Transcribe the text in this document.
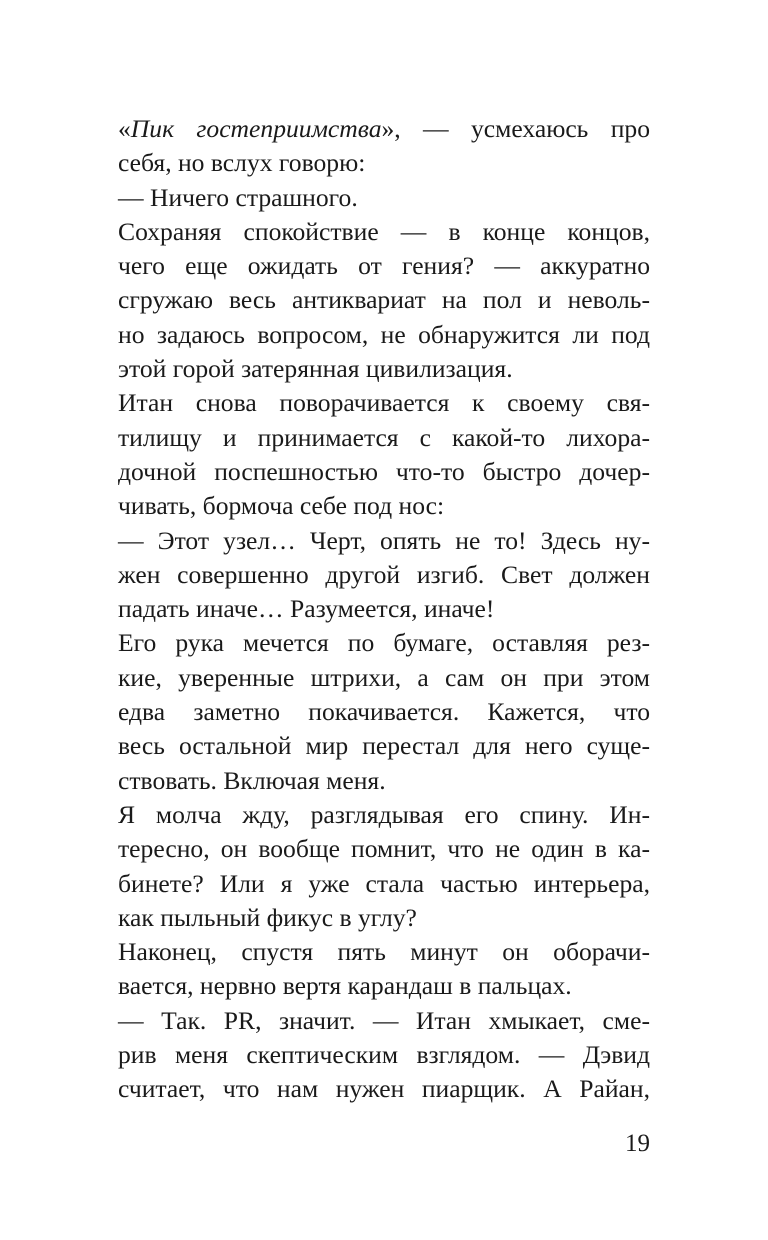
«Пик гостеприимства», — усмехаюсь про
себя, но вслух говорю:
— Ничего страшного.
Сохраняя спокойствие — в конце концов,
чего еще ожидать от гения? — аккуратно
сгружаю весь антиквариат на пол и неволь-
но задаюсь вопросом, не обнаружится ли под
этой горой затерянная цивилизация.
Итан снова поворачивается к своему свя-
тилищу и принимается с какой-то лихора-
дочной поспешностью что-то быстро дочер-
чивать, бормоча себе под нос:
— Этот узел… Черт, опять не то! Здесь ну-
жен совершенно другой изгиб. Свет должен
падать иначе… Разумеется, иначе!
Его рука мечется по бумаге, оставляя рез-
кие, уверенные штрихи, а сам он при этом
едва заметно покачивается. Кажется, что
весь остальной мир перестал для него суще-
ствовать. Включая меня.
Я молча жду, разглядывая его спину. Ин-
тересно, он вообще помнит, что не один в ка-
бинете? Или я уже стала частью интерьера,
как пыльный фикус в углу?
Наконец, спустя пять минут он оборачи-
вается, нервно вертя карандаш в пальцах.
— Так. PR, значит. — Итан хмыкает, сме-
рив меня скептическим взглядом. — Дэвид
считает, что нам нужен пиарщик. А Райан,
19
